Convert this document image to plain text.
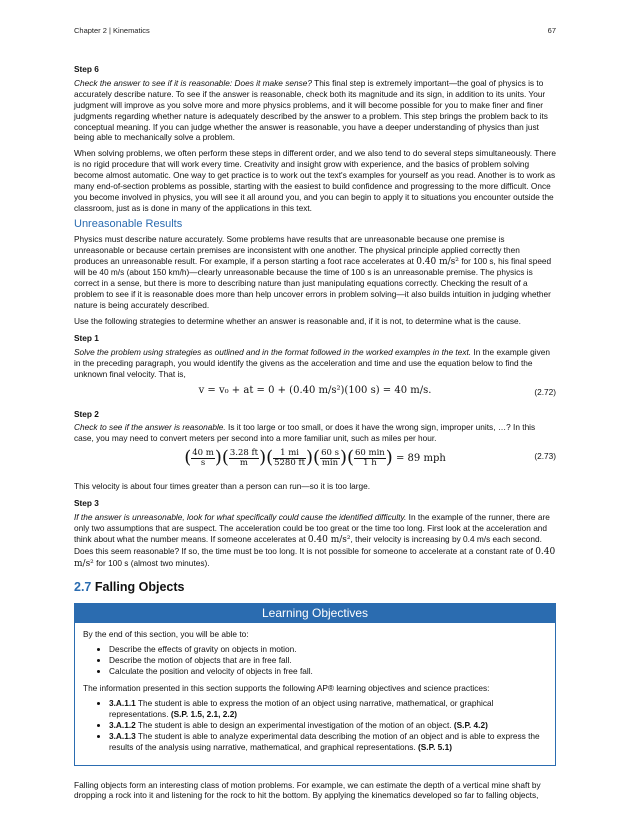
Chapter 2 | Kinematics	67
Step 6

Check the answer to see if it is reasonable: Does it make sense? This final step is extremely important—the goal of physics is to accurately describe nature. To see if the answer is reasonable, check both its magnitude and its sign, in addition to its units. Your judgment will improve as you solve more and more physics problems, and it will become possible for you to make finer and finer judgments regarding whether nature is adequately described by the answer to a problem. This step brings the problem back to its conceptual meaning. If you can judge whether the answer is reasonable, you have a deeper understanding of physics than just being able to mechanically solve a problem.

When solving problems, we often perform these steps in different order, and we also tend to do several steps simultaneously. There is no rigid procedure that will work every time. Creativity and insight grow with experience, and the basics of problem solving become almost automatic. One way to get practice is to work out the text's examples for yourself as you read. Another is to work as many end-of-section problems as possible, starting with the easiest to build confidence and progressing to the more difficult. Once you become involved in physics, you will see it all around you, and you can begin to apply it to situations you encounter outside the classroom, just as is done in many of the applications in this text.

Unreasonable Results

Physics must describe nature accurately. Some problems have results that are unreasonable because one premise is unreasonable or because certain premises are inconsistent with one another. The physical principle applied correctly then produces an unreasonable result. For example, if a person starting a foot race accelerates at 0.40 m/s² for 100 s, his final speed will be 40 m/s (about 150 km/h)—clearly unreasonable because the time of 100 s is an unreasonable premise. The physics is correct in a sense, but there is more to describing nature than just manipulating equations correctly. Checking the result of a problem to see if it is reasonable does more than help uncover errors in problem solving—it also builds intuition in judging whether nature is being accurately described.

Use the following strategies to determine whether an answer is reasonable and, if it is not, to determine what is the cause.

Step 1

Solve the problem using strategies as outlined and in the format followed in the worked examples in the text. In the example given in the preceding paragraph, you would identify the givens as the acceleration and time and use the equation below to find the unknown final velocity. That is,

v = v₀ + at = 0 + (0.40 m/s²)(100 s) = 40 m/s.	(2.72)
Step 2

Check to see if the answer is reasonable. Is it too large or too small, or does it have the wrong sign, improper units, …? In this case, you may need to convert meters per second into a more familiar unit, such as miles per hour.

( $\frac{40 m}{s}$ )( $\frac{3.28 ft}{m}$ )( $\frac{1 mi}{5280 ft}$ )( $\frac{60 s}{\min}$ )( $\frac{60 \min}{1 h}$ ) = 89 mph	(2.73)

This velocity is about four times greater than a person can run—so it is too large.

Step 3

If the answer is unreasonable, look for what specifically could cause the identified difficulty. In the example of the runner, there are only two assumptions that are suspect. The acceleration could be too great or the time too long. First look at the acceleration and think about what the number means. If someone accelerates at 0.40 m/s², their velocity is increasing by 0.4 m/s each second. Does this seem reasonable? If so, the time must be too long. It is not possible for someone to accelerate at a constant rate of 0.40 m/s² for 100 s (almost two minutes).

2.7 Falling Objects
Learning Objectives
By the end of this section, you will be able to:
• Describe the effects of gravity on objects in motion.
• Describe the motion of objects that are in free fall.
• Calculate the position and velocity of objects in free fall.
The information presented in this section supports the following AP® learning objectives and science practices:
• 3.A.1.1 The student is able to express the motion of an object using narrative, mathematical, or graphical representations. (S.P. 1.5, 2.1, 2.2)
• 3.A.1.2 The student is able to design an experimental investigation of the motion of an object. (S.P. 4.2)
• 3.A.1.3 The student is able to analyze experimental data describing the motion of an object and is able to express the results of the analysis using narrative, mathematical, and graphical representations. (S.P. 5.1)

Falling objects form an interesting class of motion problems. For example, we can estimate the depth of a vertical mine shaft by dropping a rock into it and listening for the rock to hit the bottom. By applying the kinematics developed so far to falling objects,
